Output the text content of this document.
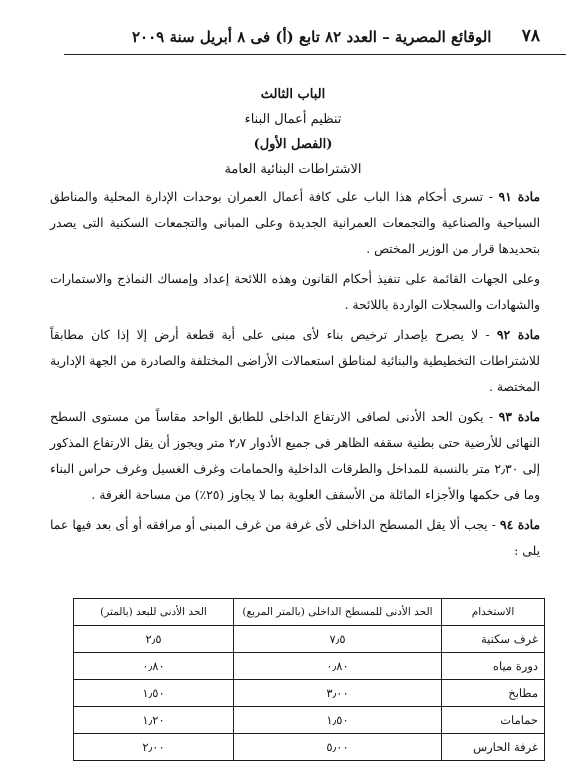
٧٨
الوقائع المصرية – العدد ٨٢ تابع (أ) فى ٨ أبريل سنة ٢٠٠٩
الباب الثالث
تنظيم أعمال البناء
(الفصل الأول)
الاشتراطات البنائية العامة

مادة ٩١ - تسرى أحكام هذا الباب على كافة أعمال العمران بوحدات الإدارة المحلية والمناطق السياحية والصناعية والتجمعات العمرانية الجديدة وعلى المبانى والتجمعات السكنية التى يصدر بتحديدها قرار من الوزير المختص .

وعلى الجهات القائمة على تنفيذ أحكام القانون وهذه اللائحة إعداد وإمساك النماذج والاستمارات والشهادات والسجلات الواردة باللائحة .

مادة ٩٢ - لا يصرح بإصدار ترخيص بناء لأى مبنى على أية قطعة أرض إلا إذا كان مطابقاً للاشتراطات التخطيطية والبنائية لمناطق استعمالات الأراضى المختلفة والصادرة من الجهة الإدارية المختصة .

مادة ٩٣ - يكون الحد الأدنى لصافى الارتفاع الداخلى للطابق الواحد مقاساً من مستوى السطح النهائى للأرضية حتى بطنية سقفه الظاهر فى جميع الأدوار ٢٫٧ متر ويجوز أن يقل الارتفاع المذكور إلى ٢٫٣٠ متر بالنسبة للمداخل والطرقات الداخلية والحمامات وغرف الغسيل وغرف حراس البناء وما فى حكمها والأجزاء المائلة من الأسقف العلوية بما لا يجاوز (٢٥٪) من مساحة الغرفة .

مادة ٩٤ - يجب ألا يقل المسطح الداخلى لأى غرفة من غرف المبنى أو مرافقه أو أى بعد فيها عما يلى :

الاستخدام	الحد الأدنى للمسطح الداخلى (بالمتر المربع)	الحد الأدنى للبعد (بالمتر)
غرف سكنية	٧٫٥	٢٫٥
دورة مياه	٠٫٨٠	٠٫٨٠
مطابخ	٣٫٠٠	١٫٥٠
حمامات	١٫٥٠	١٫٢٠
غرفة الحارس	٥٫٠٠	٢٫٠٠
